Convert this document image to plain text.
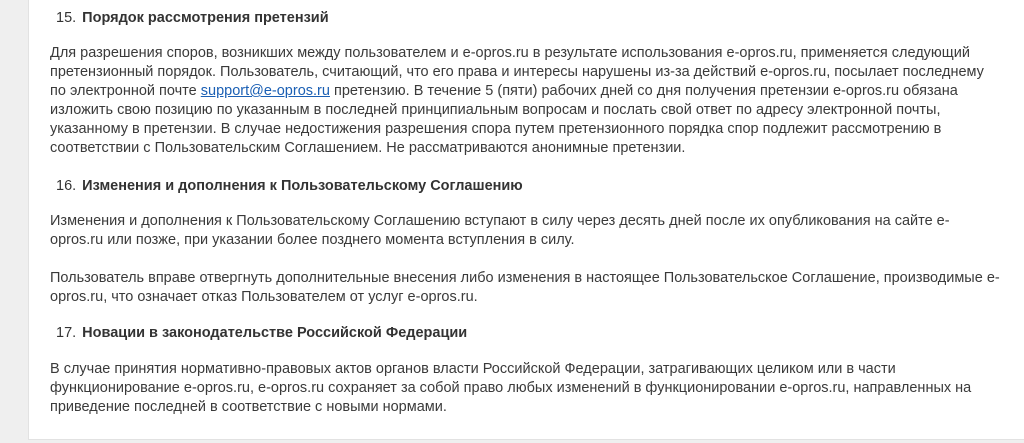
15. Порядок рассмотрения претензий

Для разрешения споров, возникших между пользователем и e-opros.ru в результате использования e-opros.ru, применяется следующий претензионный порядок. Пользователь, считающий, что его права и интересы нарушены из-за действий e-opros.ru, посылает последнему по электронной почте support@e-opros.ru претензию. В течение 5 (пяти) рабочих дней со дня получения претензии e-opros.ru обязана изложить свою позицию по указанным в последней принципиальным вопросам и послать свой ответ по адресу электронной почты, указанному в претензии. В случае недостижения разрешения спора путем претензионного порядка спор подлежит рассмотрению в соответствии с Пользовательским Соглашением. Не рассматриваются анонимные претензии.

16. Изменения и дополнения к Пользовательскому Соглашению

Изменения и дополнения к Пользовательскому Соглашению вступают в силу через десять дней после их опубликования на сайте e-opros.ru или позже, при указании более позднего момента вступления в силу.

Пользователь вправе отвергнуть дополнительные внесения либо изменения в настоящее Пользовательское Соглашение, производимые e-opros.ru, что означает отказ Пользователем от услуг e-opros.ru.

17. Новации в законодательстве Российской Федерации

В случае принятия нормативно-правовых актов органов власти Российской Федерации, затрагивающих целиком или в части функционирование e-opros.ru, e-opros.ru сохраняет за собой право любых изменений в функционировании e-opros.ru, направленных на приведение последней в соответствие с новыми нормами.
